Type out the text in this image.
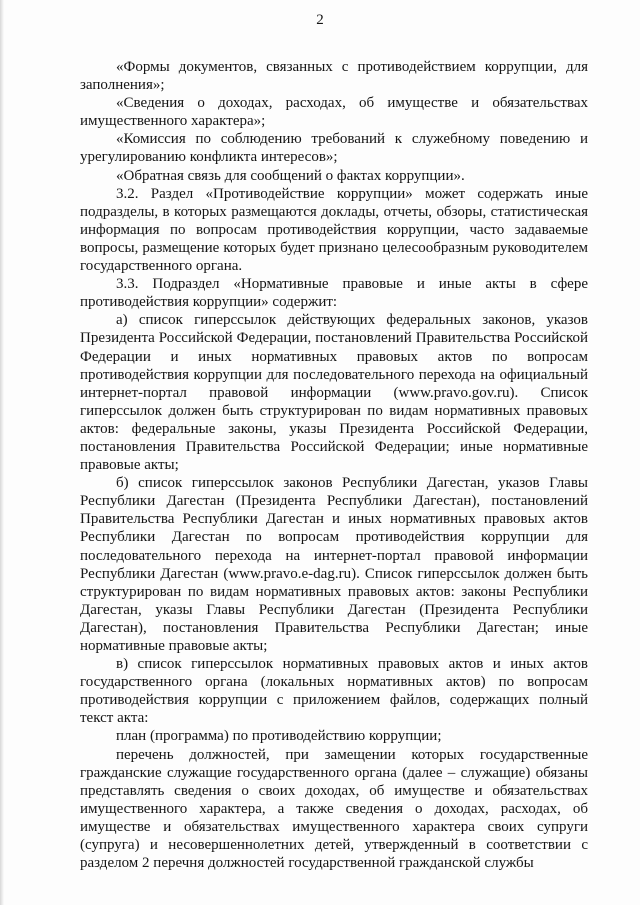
2

«Формы документов, связанных с противодействием коррупции, для заполнения»;

«Сведения о доходах, расходах, об имуществе и обязательствах имущественного характера»;

«Комиссия по соблюдению требований к служебному поведению и урегулированию конфликта интересов»;

«Обратная связь для сообщений о фактах коррупции».

3.2. Раздел «Противодействие коррупции» может содержать иные подразделы, в которых размещаются доклады, отчеты, обзоры, статистическая информация по вопросам противодействия коррупции, часто задаваемые вопросы, размещение которых будет признано целесообразным руководителем государственного органа.

3.3. Подраздел «Нормативные правовые и иные акты в сфере противодействия коррупции» содержит:

а) список гиперссылок действующих федеральных законов, указов Президента Российской Федерации, постановлений Правительства Российской Федерации и иных нормативных правовых актов по вопросам противодействия коррупции для последовательного перехода на официальный интернет-портал правовой информации (www.pravo.gov.ru). Список гиперссылок должен быть структурирован по видам нормативных правовых актов: федеральные законы, указы Президента Российской Федерации, постановления Правительства Российской Федерации; иные нормативные правовые акты;

б) список гиперссылок законов Республики Дагестан, указов Главы Республики Дагестан (Президента Республики Дагестан), постановлений Правительства Республики Дагестан и иных нормативных правовых актов Республики Дагестан по вопросам противодействия коррупции для последовательного перехода на интернет-портал правовой информации Республики Дагестан (www.pravo.e-dag.ru). Список гиперссылок должен быть структурирован по видам нормативных правовых актов: законы Республики Дагестан, указы Главы Республики Дагестан (Президента Республики Дагестан), постановления Правительства Республики Дагестан; иные нормативные правовые акты;

в) список гиперссылок нормативных правовых актов и иных актов государственного органа (локальных нормативных актов) по вопросам противодействия коррупции с приложением файлов, содержащих полный текст акта:

план (программа) по противодействию коррупции;

перечень должностей, при замещении которых государственные гражданские служащие государственного органа (далее – служащие) обязаны представлять сведения о своих доходах, об имуществе и обязательствах имущественного характера, а также сведения о доходах, расходах, об имуществе и обязательствах имущественного характера своих супруги (супруга) и несовершеннолетних детей, утвержденный в соответствии с разделом 2 перечня должностей государственной гражданской службы
